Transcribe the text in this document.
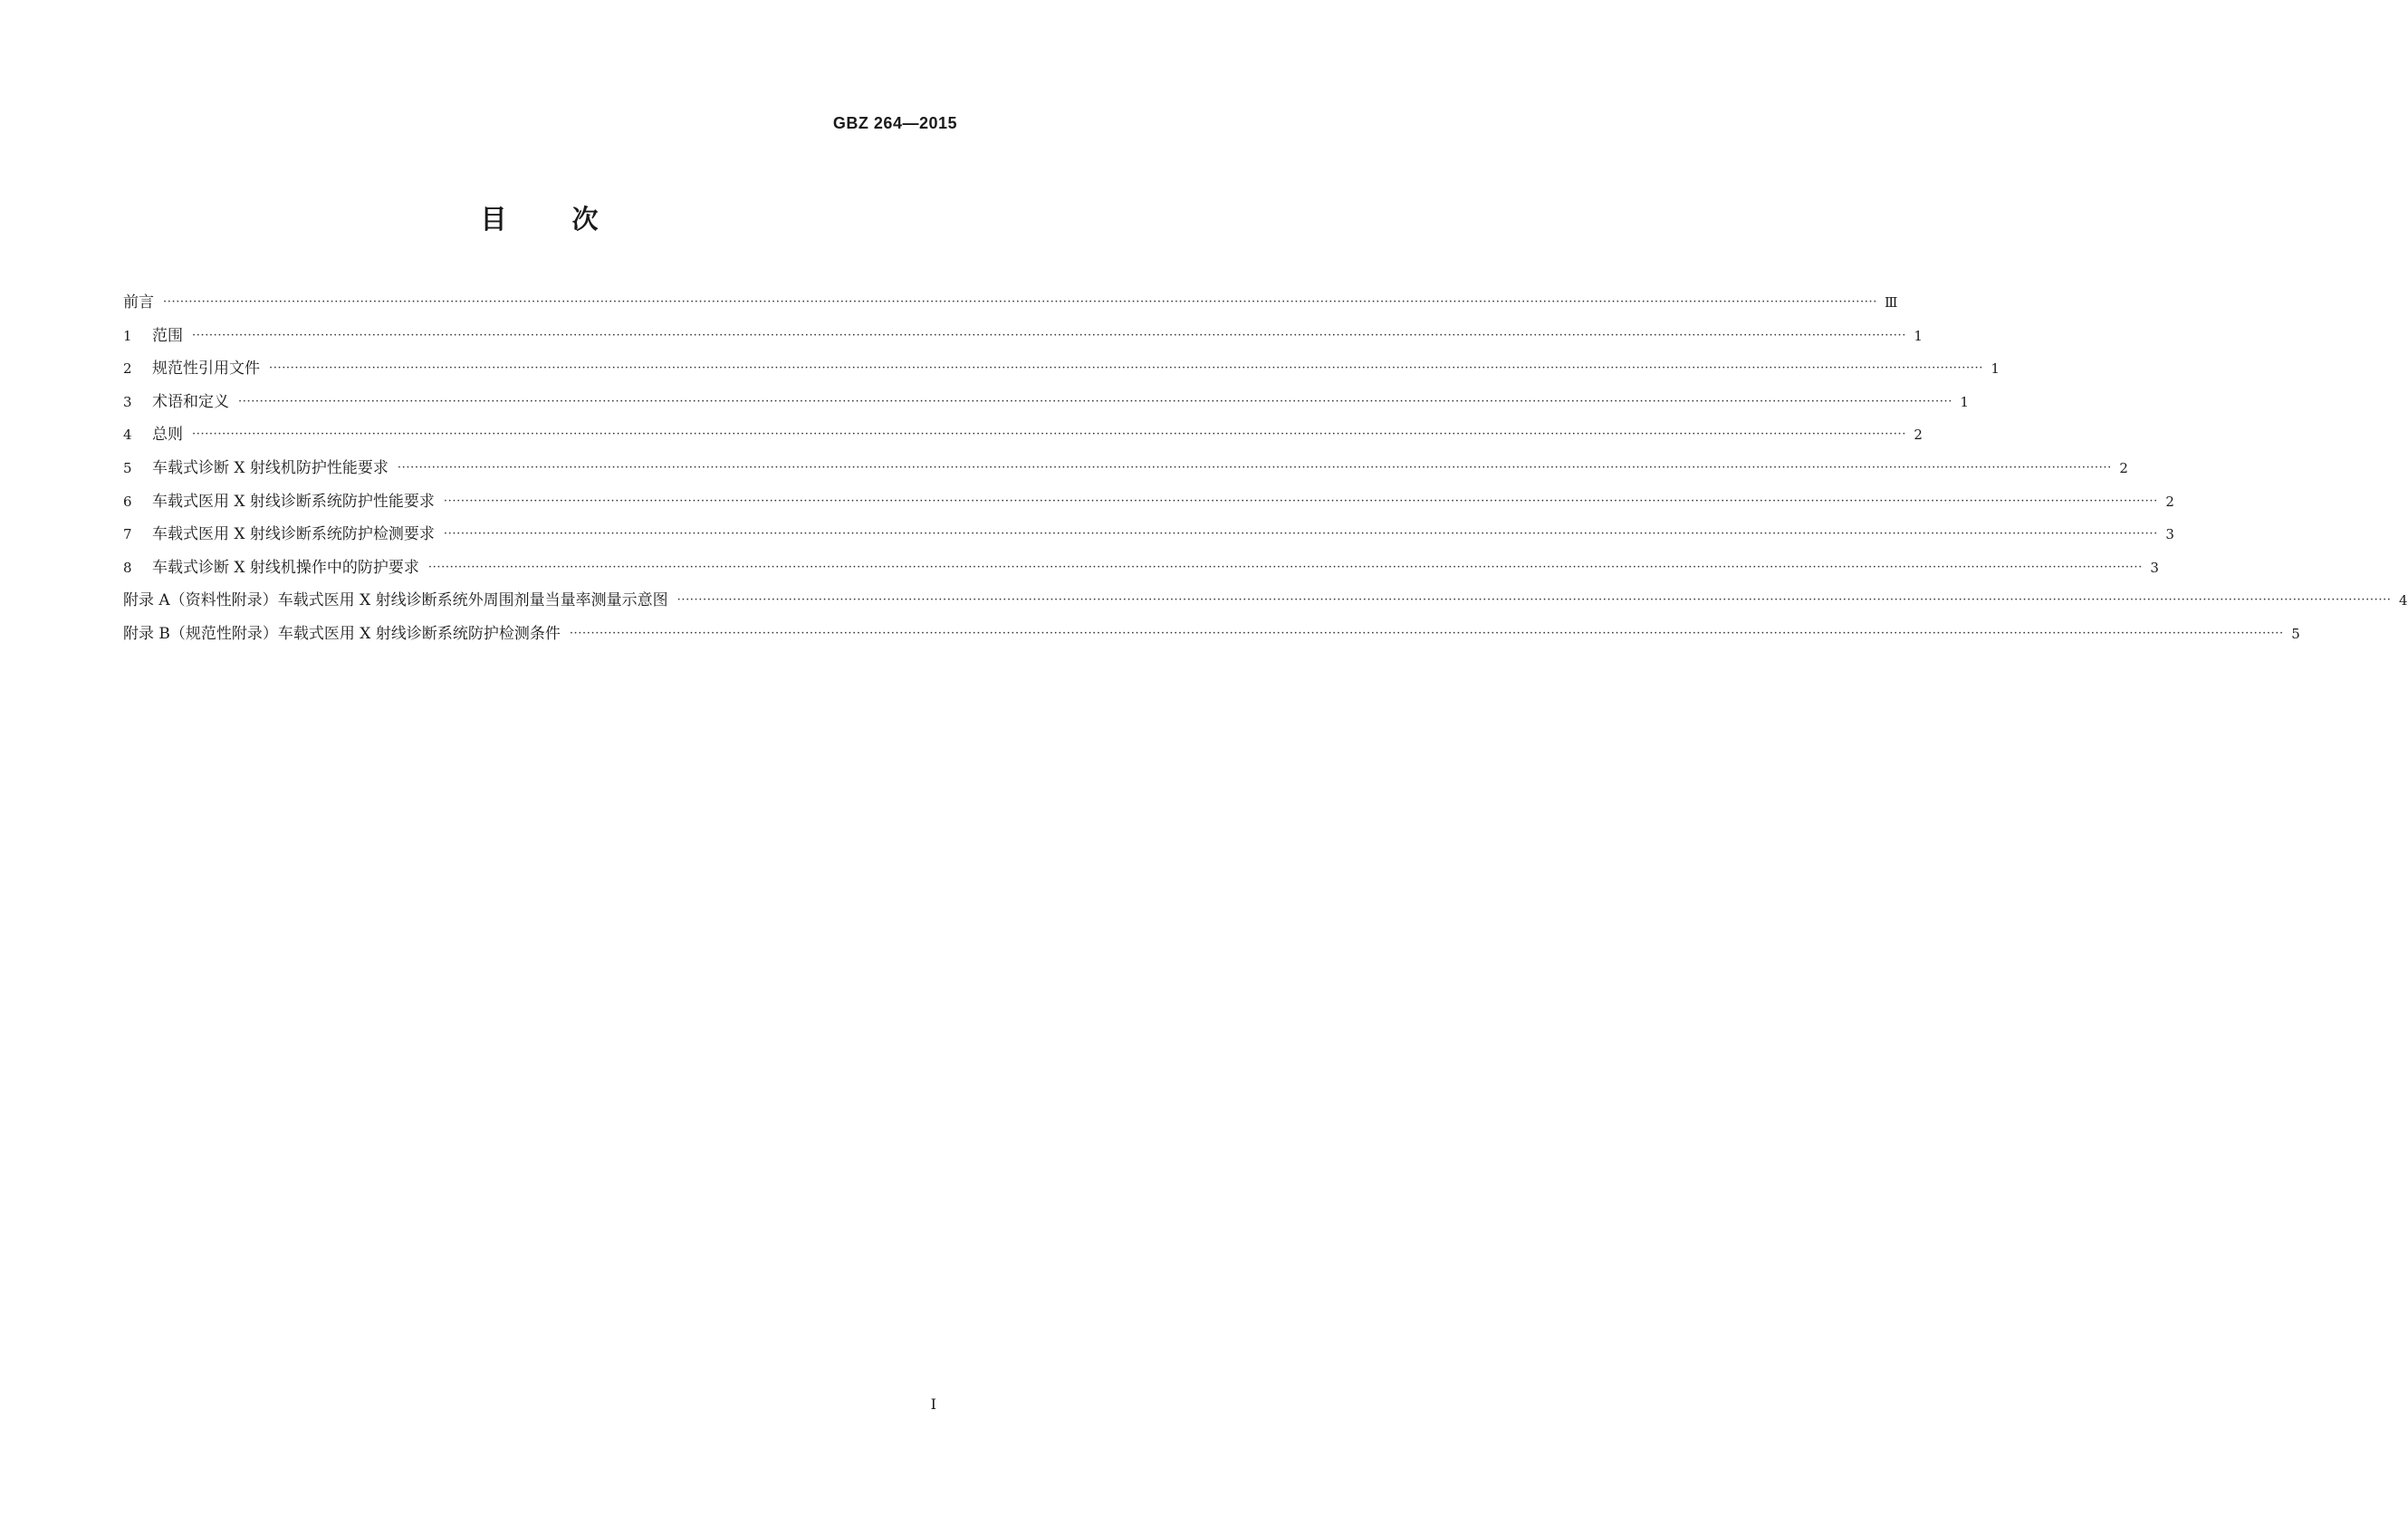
GBZ 264—2015
目 次
前言 ················································································································································································································································································································································································································ Ⅲ
1	范围 ················································································································································································································································································································································································································ 1
2	规范性引用文件 ················································································································································································································································································································································································································ 1
3	术语和定义 ················································································································································································································································································································································································································ 1
4	总则 ················································································································································································································································································································································································································ 2
5	车载式诊断 X 射线机防护性能要求 ················································································································································································································································································································································································································ 2
6	车载式医用 X 射线诊断系统防护性能要求 ················································································································································································································································································································································································································ 2
7	车载式医用 X 射线诊断系统防护检测要求 ················································································································································································································································································································································································································ 3
8	车载式诊断 X 射线机操作中的防护要求 ················································································································································································································································································································································································································ 3
附录 A（资料性附录） 车载式医用 X 射线诊断系统外周围剂量当量率测量示意图 ················································································································································································································································································································································································································ 4
附录 B（规范性附录） 车载式医用 X 射线诊断系统防护检测条件 ················································································································································································································································································································································································································ 5
I
